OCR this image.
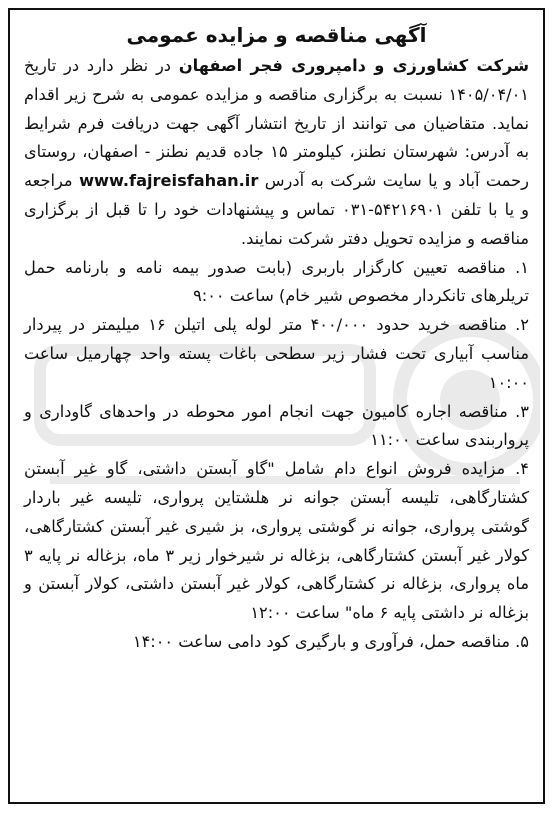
آگهی مناقصه و مزایده عمومی

شرکت کشاورزی و دامپروری فجر اصفهان در نظر دارد در تاریخ ۱۴۰۵/۰۴/۰۱ نسبت به برگزاری مناقصه و مزایده عمومی به شرح زیر اقدام نماید. متقاضیان می توانند از تاریخ انتشار آگهی جهت دریافت فرم شرایط به آدرس: شهرستان نطنز، کیلومتر ۱۵ جاده قدیم نطنز - اصفهان، روستای رحمت آباد و یا سایت شرکت به آدرس www.fajreisfahan.ir مراجعه و یا با تلفن ۵۴۲۱۶۹۰۱-۰۳۱ تماس و پیشنهادات خود را تا قبل از برگزاری مناقصه و مزایده تحویل دفتر شرکت نمایند.

۱. مناقصه تعیین کارگزار باربری (بابت صدور بیمه نامه و بارنامه حمل تریلرهای تانکردار مخصوص شیر خام) ساعت ۹:۰۰

۲. مناقصه خرید حدود ۴۰۰/۰۰۰ متر لوله پلی اتیلن ۱۶ میلیمتر در پیردار مناسب آبیاری تحت فشار زیر سطحی باغات پسته واحد چهارمیل ساعت ۱۰:۰۰

۳. مناقصه اجاره کامیون جهت انجام امور محوطه در واحدهای گاوداری و پرواربندی ساعت ۱۱:۰۰

۴. مزایده فروش انواع دام شامل "گاو آبستن داشتی، گاو غیر آبستن کشتارگاهی، تلیسه آبستن جوانه نر هلشتاین پرواری، تلیسه غیر باردار گوشتی پرواری، جوانه نر گوشتی پرواری، بز شیری غیر آبستن کشتارگاهی، کولار غیر آبستن کشتارگاهی، بزغاله نر شیرخوار زیر ۳ ماه، بزغاله نر پایه ۳ ماه پرواری، بزغاله نر کشتارگاهی، کولار غیر آبستن داشتی، کولار آبستن و بزغاله نر داشتی پایه ۶ ماه" ساعت ۱۲:۰۰

۵. مناقصه حمل، فرآوری و بارگیری کود دامی ساعت ۱۴:۰۰
